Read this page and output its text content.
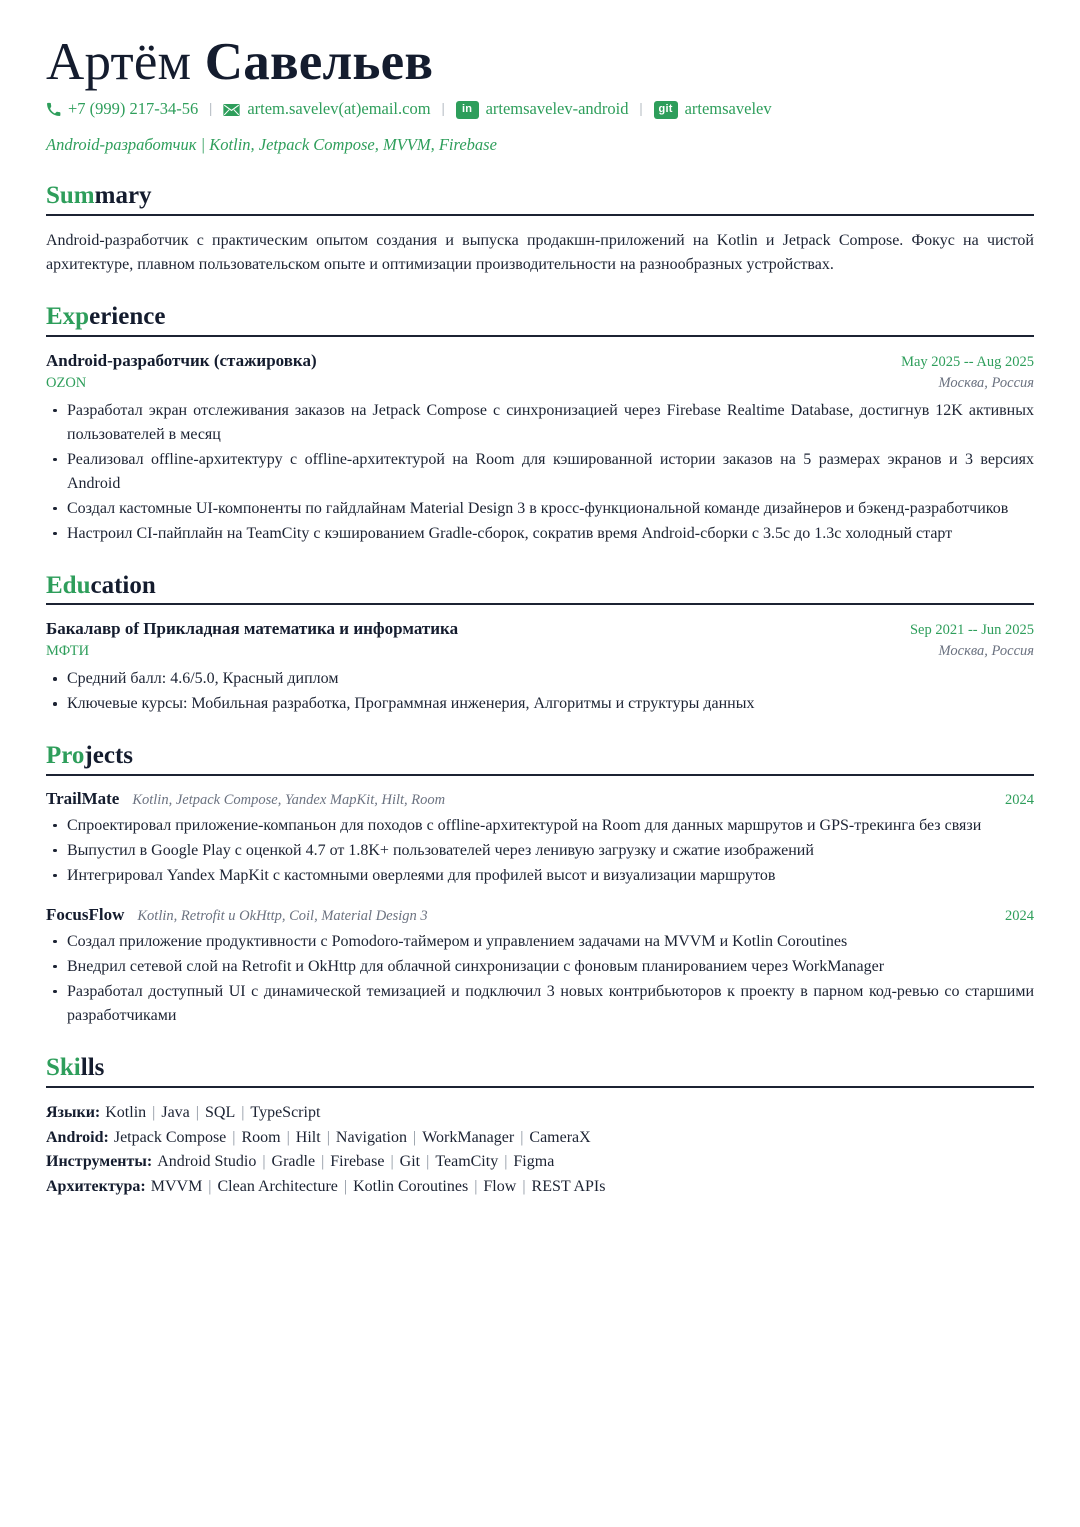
Артём Савельев
+7 (999) 217-34-56 |	artem.savelev(at)email.com |	in artemsavelev-android |	git artemsavelev
Android-разработчик | Kotlin, Jetpack Compose, MVVM, Firebase
Summary

Android-разработчик с практическим опытом создания и выпуска продакшн-приложений на Kotlin и Jetpack Compose. Фокус на чистой архитектуре, плавном пользовательском опыте и оптимизации производительности на разнообразных устройствах.

Experience
Android-разработчик (стажировка)	May 2025 -- Aug 2025
OZON	Москва, Россия
Разработал экран отслеживания заказов на Jetpack Compose с синхронизацией через Firebase Realtime Database, достигнув 12K активных пользователей в месяц
Реализовал offline-архитектуру с offline-архитектурой на Room для кэшированной истории заказов на 5 размерах экранов и 3 версиях Android
Создал кастомные UI-компоненты по гайдлайнам Material Design 3 в кросс-функциональной команде дизайнеров и бэкенд-разработчиков
Настроил CI-пайплайн на TeamCity с кэшированием Gradle-сборок, сократив время Android-сборки с 3.5с до 1.3с холодный старт
Education
Бакалавр of Прикладная математика и информатика	Sep 2021 -- Jun 2025
МФТИ	Москва, Россия
Средний балл: 4.6/5.0, Красный диплом
Ключевые курсы: Мобильная разработка, Программная инженерия, Алгоритмы и структуры данных
Projects
TrailMate Kotlin, Jetpack Compose, Yandex MapKit, Hilt, Room	2024
Спроектировал приложение-компаньон для походов с offline-архитектурой на Room для данных маршрутов и GPS-трекинга без связи
Выпустил в Google Play с оценкой 4.7 от 1.8K+ пользователей через ленивую загрузку и сжатие изображений
Интегрировал Yandex MapKit с кастомными оверлеями для профилей высот и визуализации маршрутов
FocusFlow Kotlin, Retrofit и OkHttp, Coil, Material Design 3	2024
Создал приложение продуктивности с Pomodoro-таймером и управлением задачами на MVVM и Kotlin Coroutines
Внедрил сетевой слой на Retrofit и OkHttp для облачной синхронизации с фоновым планированием через WorkManager
Разработал доступный UI с динамической темизацией и подключил 3 новых контрибьюторов к проекту в парном код-ревью со старшими разработчиками
Skills
Языки: Kotlin | Java | SQL | TypeScript
Android: Jetpack Compose | Room | Hilt | Navigation | WorkManager | CameraX
Инструменты: Android Studio | Gradle | Firebase | Git | TeamCity | Figma
Архитектура: MVVM | Clean Architecture | Kotlin Coroutines | Flow | REST APIs
